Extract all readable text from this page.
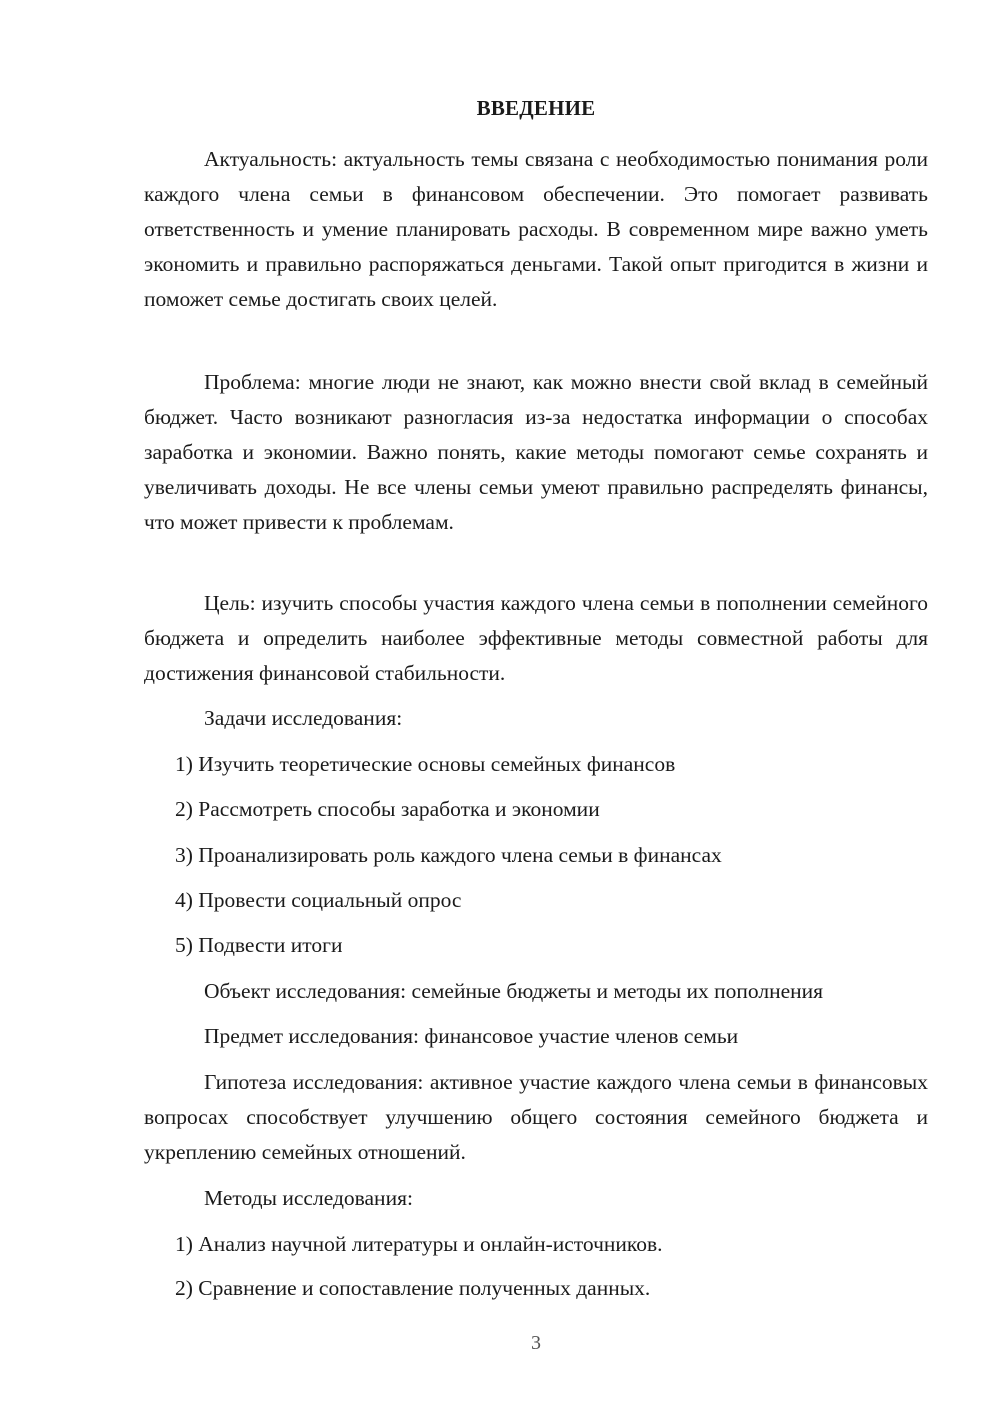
ВВЕДЕНИЕ
Актуальность: актуальность темы связана с необходимостью понимания роли каждого члена семьи в финансовом обеспечении. Это помогает развивать ответственность и умение планировать расходы. В современном мире важно уметь экономить и правильно распоряжаться деньгами. Такой опыт пригодится в жизни и поможет семье достигать своих целей.
Проблема: многие люди не знают, как можно внести свой вклад в семейный бюджет. Часто возникают разногласия из-за недостатка информации о способах заработка и экономии. Важно понять, какие методы помогают семье сохранять и увеличивать доходы. Не все члены семьи умеют правильно распределять финансы, что может привести к проблемам.
Цель: изучить способы участия каждого члена семьи в пополнении семейного бюджета и определить наиболее эффективные методы совместной работы для достижения финансовой стабильности.
Задачи исследования:
1) Изучить теоретические основы семейных финансов
2) Рассмотреть способы заработка и экономии
3) Проанализировать роль каждого члена семьи в финансах
4) Провести социальный опрос
5) Подвести итоги
Объект исследования: семейные бюджеты и методы их пополнения
Предмет исследования: финансовое участие членов семьи
Гипотеза исследования: активное участие каждого члена семьи в финансовых вопросах способствует улучшению общего состояния семейного бюджета и укреплению семейных отношений.
Методы исследования:
1) Анализ научной литературы и онлайн-источников.
2) Сравнение и сопоставление полученных данных.
3
